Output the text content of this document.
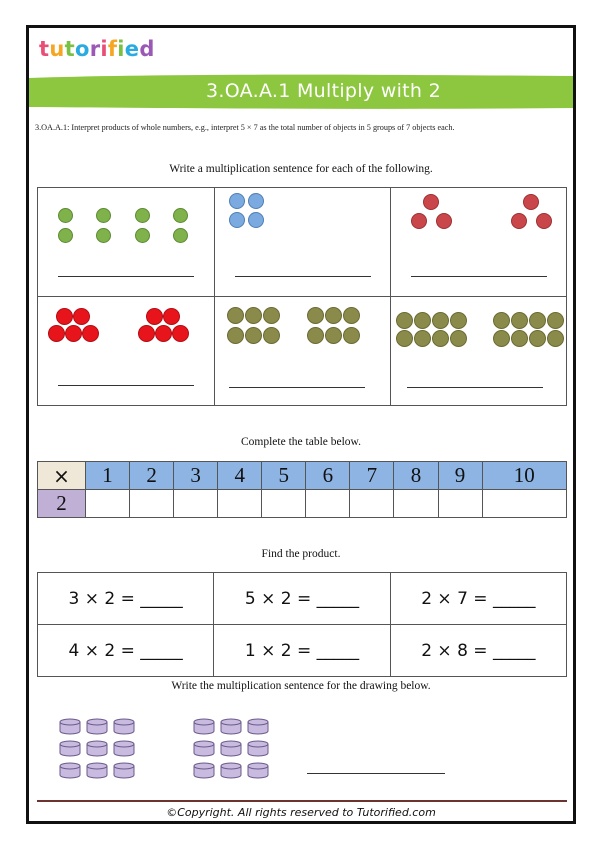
tutorified
3.OA.A.1 Multiply with 2
3.OA.A.1: Interpret products of whole numbers, e.g., interpret 5 × 7 as the total number of objects in 5 groups of 7 objects each.
Write a multiplication sentence for each of the following.

Complete the table below.
×	1	2	3	4	5	6	7	8	9	10
2										
Find the product.
3 × 2 = _____	5 × 2 = _____	2 × 7 = _____
4 × 2 = _____	1 × 2 = _____	2 × 8 = _____
Write the multiplication sentence for the drawing below.
©Copyright. All rights reserved to Tutorified.com
